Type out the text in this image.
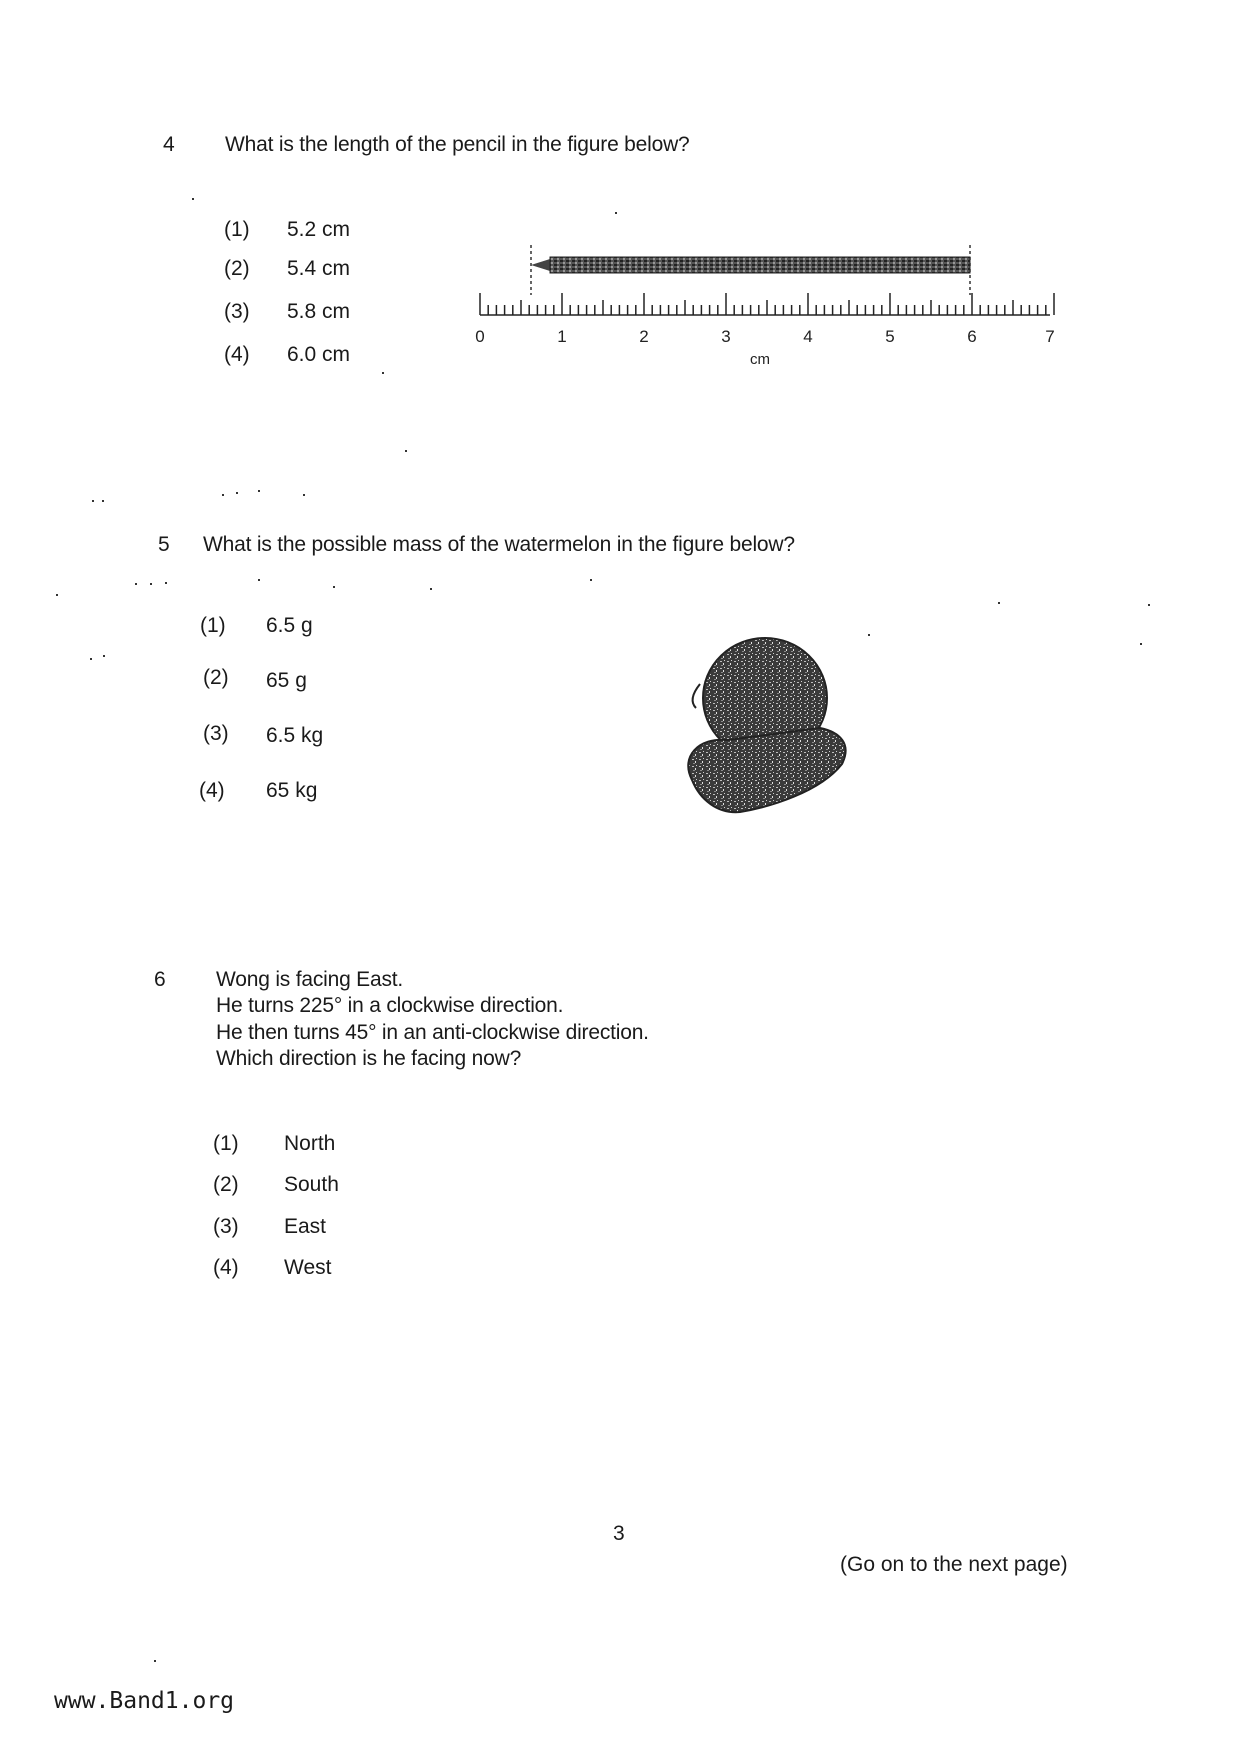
4 What is the length of the pencil in the figure below?
(1) 5.2 cm
(2) 5.4 cm
(3) 5.8 cm
(4) 6.0 cm
0	1	2	3	4	5	6	7
cm
5 What is the possible mass of the watermelon in the figure below?
(1) 6.5 g
(2) 65 g
(3) 6.5 kg
(4) 65 kg
6 Wong is facing East.
He turns 225° in a clockwise direction.
He then turns 45° in an anti-clockwise direction.
Which direction is he facing now?
(1) North
(2) South
(3) East
(4) West
3
(Go on to the next page)
www.Band1.org
